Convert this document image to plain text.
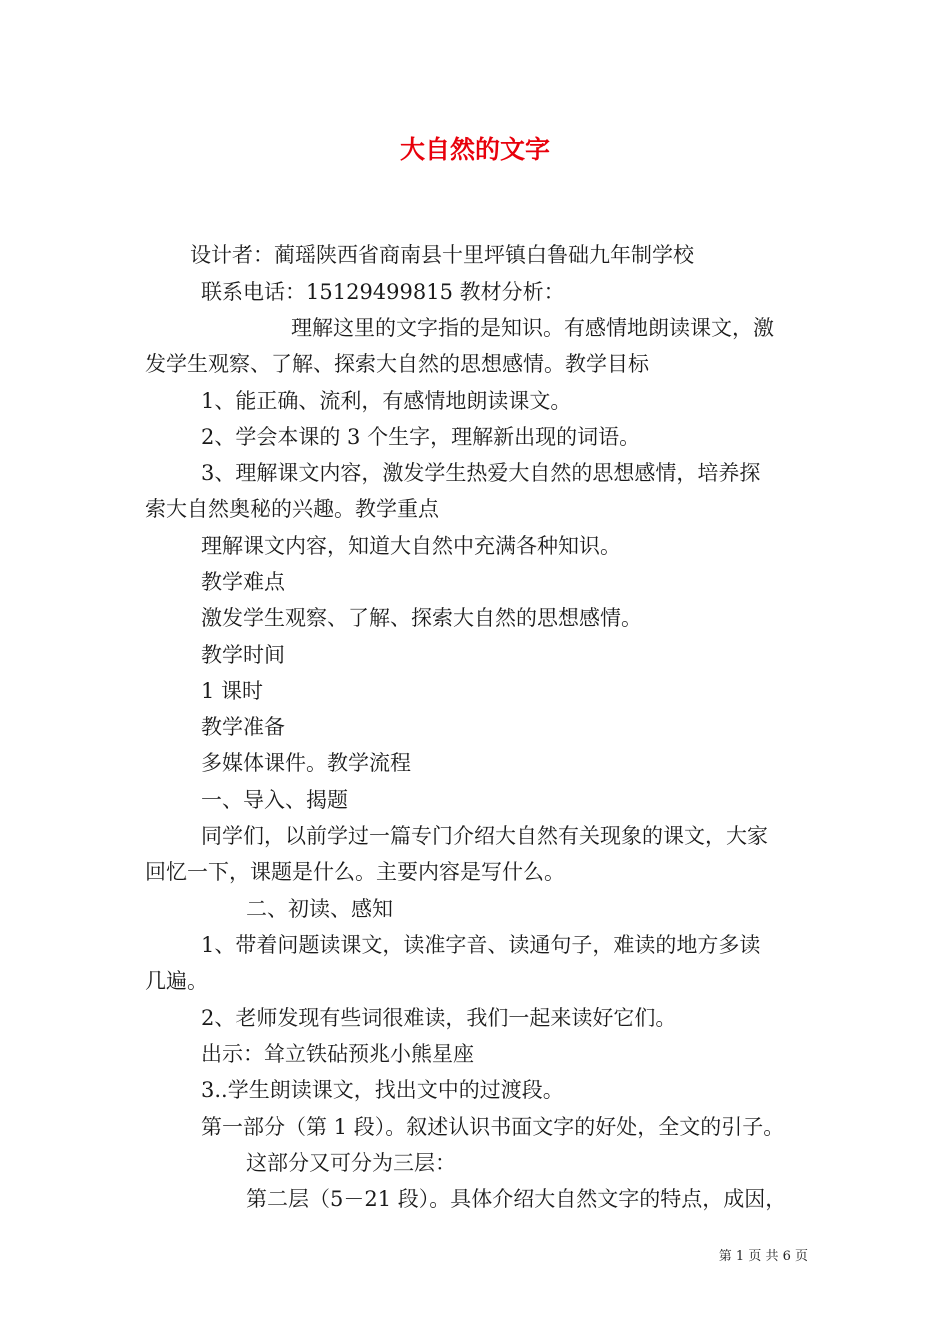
大自然的文字
设计者：蔺瑶陕西省商南县十里坪镇白鲁础九年制学校
联系电话：15129499815 教材分析：
理解这里的文字指的是知识。有感情地朗读课文，激
发学生观察、了解、探索大自然的思想感情。教学目标
1、能正确、流利，有感情地朗读课文。
2、学会本课的 3 个生字，理解新出现的词语。
3、理解课文内容，激发学生热爱大自然的思想感情，培养探
索大自然奥秘的兴趣。教学重点
理解课文内容，知道大自然中充满各种知识。
教学难点
激发学生观察、了解、探索大自然的思想感情。
教学时间
1 课时
教学准备
多媒体课件。教学流程
一、导入、揭题
同学们，以前学过一篇专门介绍大自然有关现象的课文，大家
回忆一下，课题是什么。主要内容是写什么。
二、初读、感知
1、带着问题读课文，读准字音、读通句子，难读的地方多读
几遍。
2、老师发现有些词很难读，我们一起来读好它们。
出示：耸立铁砧预兆小熊星座
3..学生朗读课文，找出文中的过渡段。
第一部分（第 1 段）。叙述认识书面文字的好处，全文的引子。
这部分又可分为三层：
第二层（5－21 段）。具体介绍大自然文字的特点，成因，
第 1 页 共 6 页
